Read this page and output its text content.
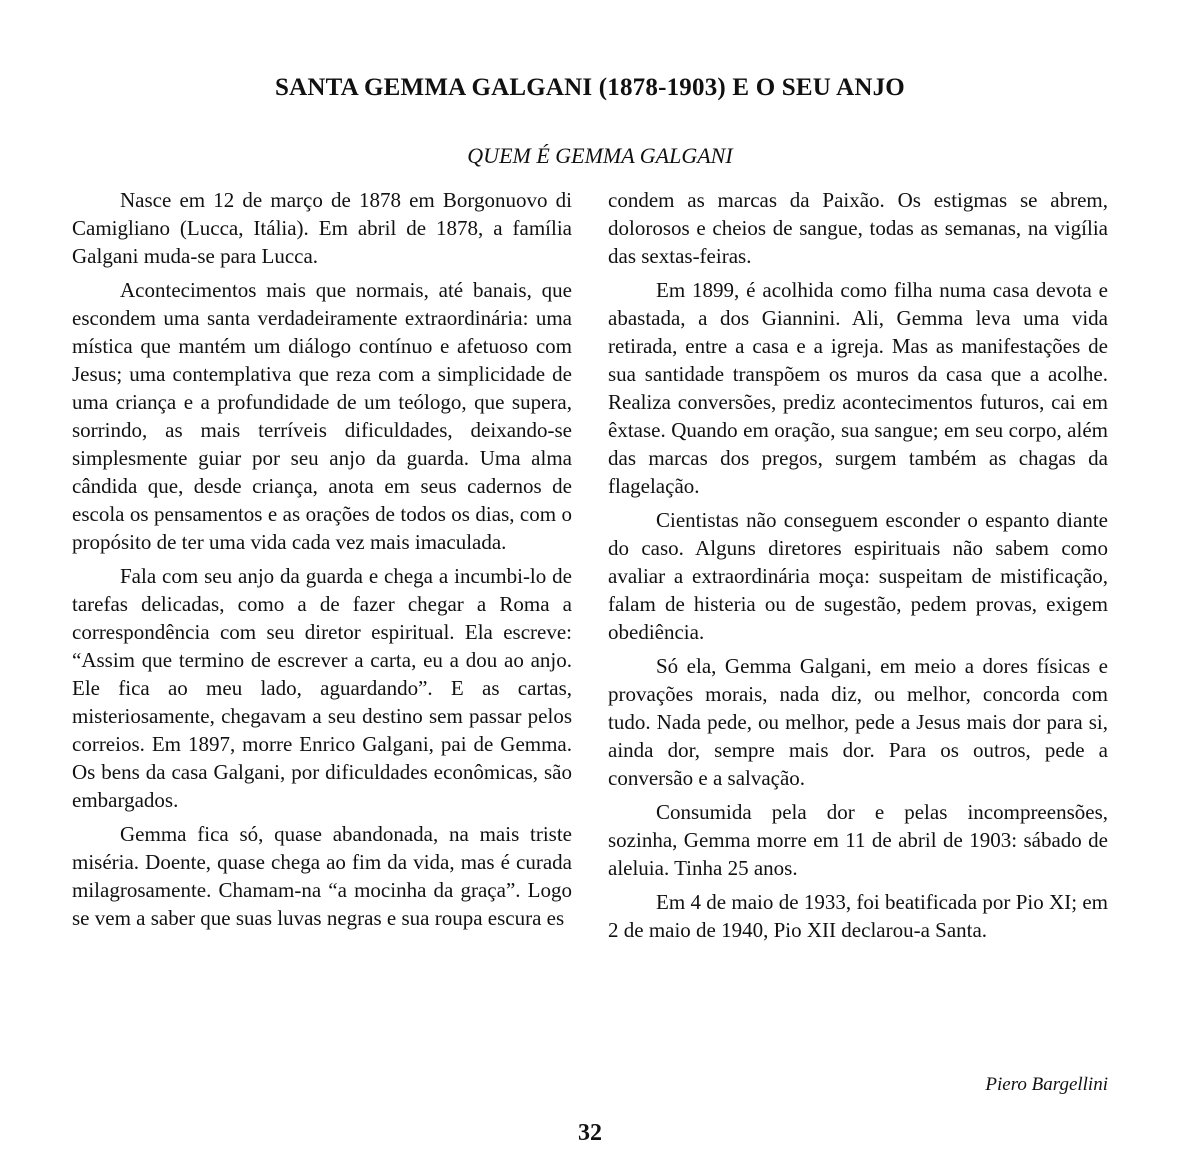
SANTA GEMMA GALGANI (1878-1903) E O SEU ANJO
QUEM É GEMMA GALGANI

Nasce em 12 de março de 1878 em Borgonuovo di Camigliano (Lucca, Itália). Em abril de 1878, a família Galgani muda-se para Lucca.

Acontecimentos mais que normais, até banais, que escondem uma santa verdadeiramente extraordinária: uma mística que mantém um diálogo contínuo e afetuoso com Jesus; uma contemplativa que reza com a simplicidade de uma criança e a profundidade de um teólogo, que supera, sorrindo, as mais terríveis dificuldades, deixando-se simplesmente guiar por seu anjo da guarda. Uma alma cândida que, desde criança, anota em seus cadernos de escola os pensamentos e as orações de todos os dias, com o propósito de ter uma vida cada vez mais imaculada.

Fala com seu anjo da guarda e chega a incumbi-lo de tarefas delicadas, como a de fazer chegar a Roma a correspondência com seu diretor espiritual. Ela escreve: “Assim que termino de escrever a carta, eu a dou ao anjo. Ele fica ao meu lado, aguardando”. E as cartas, misteriosamente, chegavam a seu destino sem passar pelos correios. Em 1897, morre Enrico Galgani, pai de Gemma. Os bens da casa Galgani, por dificuldades econômicas, são embargados.

Gemma fica só, quase abandonada, na mais triste miséria. Doente, quase chega ao fim da vida, mas é curada milagrosamente. Chamam-na “a mocinha da graça”. Logo se vem a saber que suas luvas negras e sua roupa escura es

condem as marcas da Paixão. Os estigmas se abrem, dolorosos e cheios de sangue, todas as semanas, na vigília das sextas-feiras.

Em 1899, é acolhida como filha numa casa devota e abastada, a dos Giannini. Ali, Gemma leva uma vida retirada, entre a casa e a igreja. Mas as manifestações de sua santidade transpõem os muros da casa que a acolhe. Realiza conversões, prediz acontecimentos futuros, cai em êxtase. Quando em oração, sua sangue; em seu corpo, além das marcas dos pregos, surgem também as chagas da flagelação.

Cientistas não conseguem esconder o espanto diante do caso. Alguns diretores espirituais não sabem como avaliar a extraordinária moça: suspeitam de mistificação, falam de histeria ou de sugestão, pedem provas, exigem obediência.

Só ela, Gemma Galgani, em meio a dores físicas e provações morais, nada diz, ou melhor, concorda com tudo. Nada pede, ou melhor, pede a Jesus mais dor para si, ainda dor, sempre mais dor. Para os outros, pede a conversão e a salvação.

Consumida pela dor e pelas incompreensões, sozinha, Gemma morre em 11 de abril de 1903: sábado de aleluia. Tinha 25 anos.

Em 4 de maio de 1933, foi beatificada por Pio XI; em 2 de maio de 1940, Pio XII declarou-a Santa.

Piero Bargellini
32
